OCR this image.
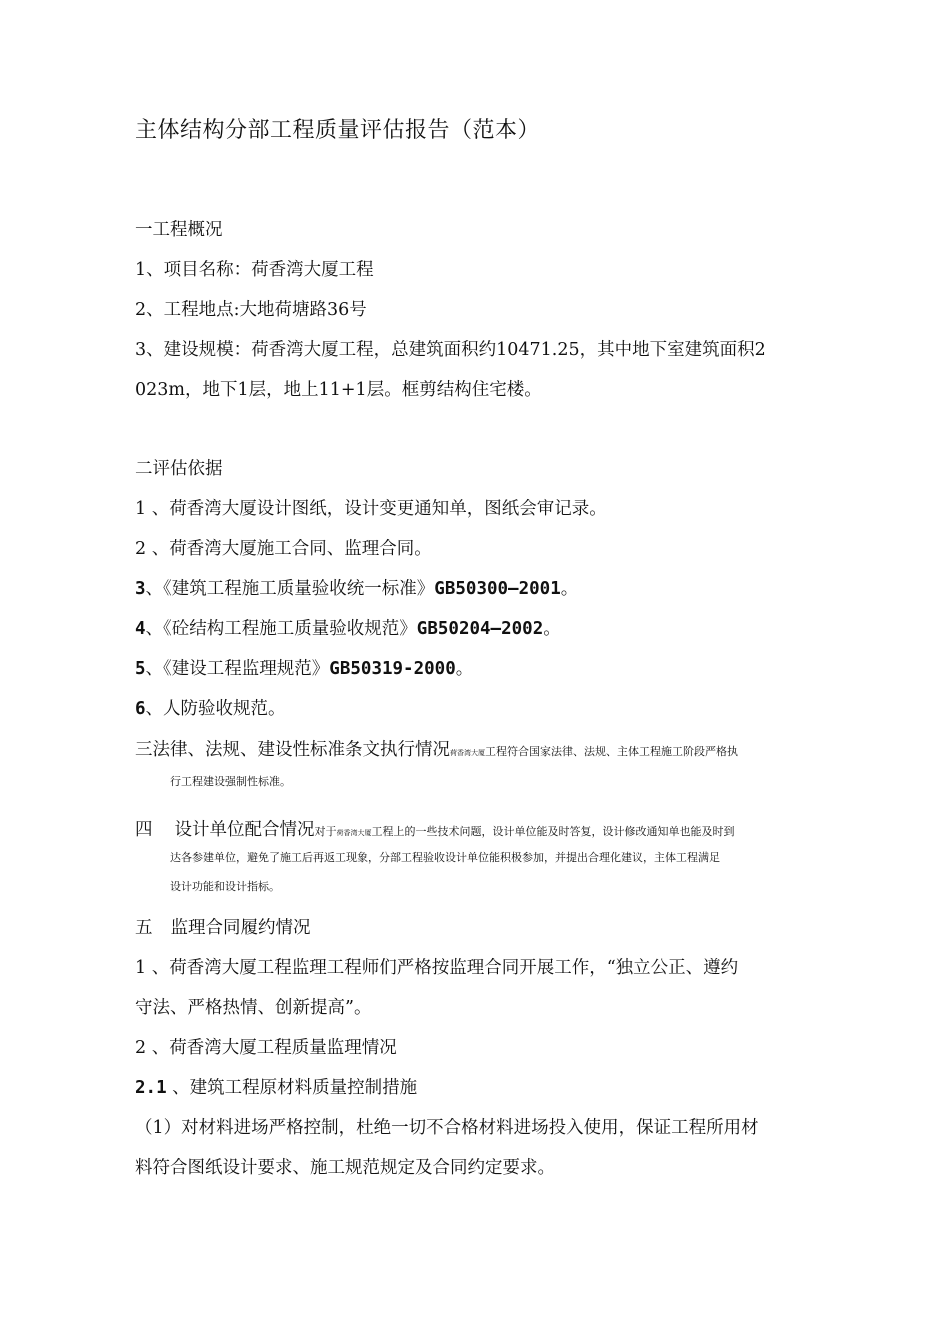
主体结构分部工程质量评估报告（范本）
一工程概况
1、项目名称：荷香湾大厦工程
2、工程地点:大地荷塘路36号
3、建设规模：荷香湾大厦工程，总建筑面积约10471.25，其中地下室建筑面积2
023m，地下1层，地上11+1层。框剪结构住宅楼。
二评估依据
1 、荷香湾大厦设计图纸，设计变更通知单，图纸会审记录。
2 、荷香湾大厦施工合同、监理合同。
3、《建筑工程施工质量验收统一标准》GB50300—2001。
4、《砼结构工程施工质量验收规范》GB50204—2002。
5、《建设工程监理规范》GB50319-2000。
6、人防验收规范。
三法律、法规、建设性标准条文执行情况荷香湾大厦工程符合国家法律、法规、主体工程施工阶段严格执
行工程建设强制性标准。
四 设计单位配合情况对于荷香湾大厦工程上的一些技术问题，设计单位能及时答复，设计修改通知单也能及时到
达各参建单位，避免了施工后再返工现象，分部工程验收设计单位能积极参加，并提出合理化建议，主体工程满足
设计功能和设计指标。
五 监理合同履约情况
1 、荷香湾大厦工程监理工程师们严格按监理合同开展工作，“独立公正、遵约
守法、严格热情、创新提高”。
2 、荷香湾大厦工程质量监理情况
2.1 、建筑工程原材料质量控制措施
（1）对材料进场严格控制，杜绝一切不合格材料进场投入使用，保证工程所用材
料符合图纸设计要求、施工规范规定及合同约定要求。
